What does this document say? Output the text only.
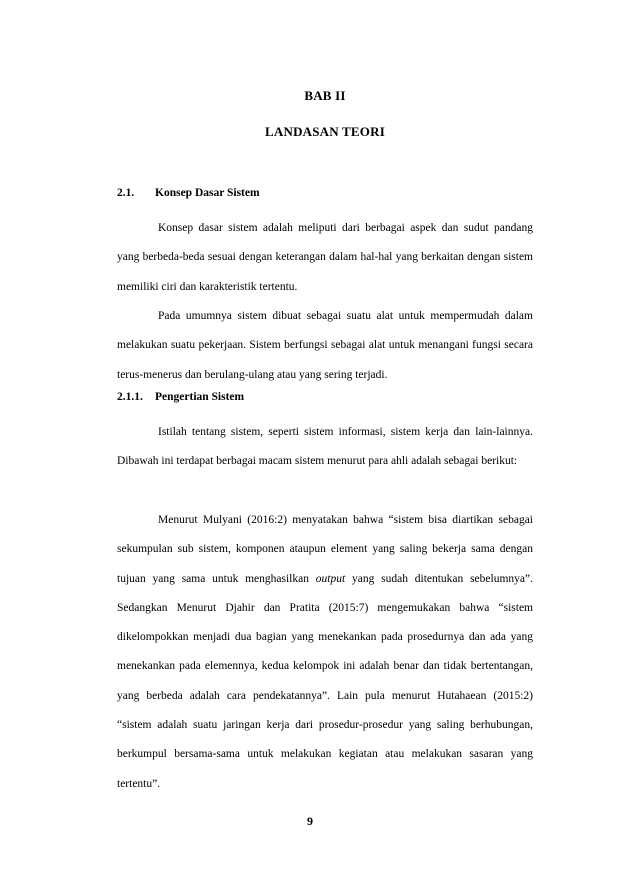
BAB II
LANDASAN TEORI
2.1. Konsep Dasar Sistem

Konsep dasar sistem adalah meliputi dari berbagai aspek dan sudut pandang yang berbeda-beda sesuai dengan keterangan dalam hal-hal yang berkaitan dengan sistem memiliki ciri dan karakteristik tertentu.

Pada umumnya sistem dibuat sebagai suatu alat untuk mempermudah dalam melakukan suatu pekerjaan. Sistem berfungsi sebagai alat untuk menangani fungsi secara terus-menerus dan berulang-ulang atau yang sering terjadi.

2.1.1. Pengertian Sistem

Istilah tentang sistem, seperti sistem informasi, sistem kerja dan lain-lainnya. Dibawah ini terdapat berbagai macam sistem menurut para ahli adalah sebagai berikut:

Menurut Mulyani (2016:2) menyatakan bahwa “sistem bisa diartikan sebagai sekumpulan sub sistem, komponen ataupun element yang saling bekerja sama dengan tujuan yang sama untuk menghasilkan output yang sudah ditentukan sebelumnya”. Sedangkan Menurut Djahir dan Pratita (2015:7) mengemukakan bahwa “sistem dikelompokkan menjadi dua bagian yang menekankan pada prosedurnya dan ada yang menekankan pada elemennya, kedua kelompok ini adalah benar dan tidak bertentangan, yang berbeda adalah cara pendekatannya”. Lain pula menurut Hutahaean (2015:2) “sistem adalah suatu jaringan kerja dari prosedur-prosedur yang saling berhubungan, berkumpul bersama-sama untuk melakukan kegiatan atau melakukan sasaran yang tertentu”.

9
